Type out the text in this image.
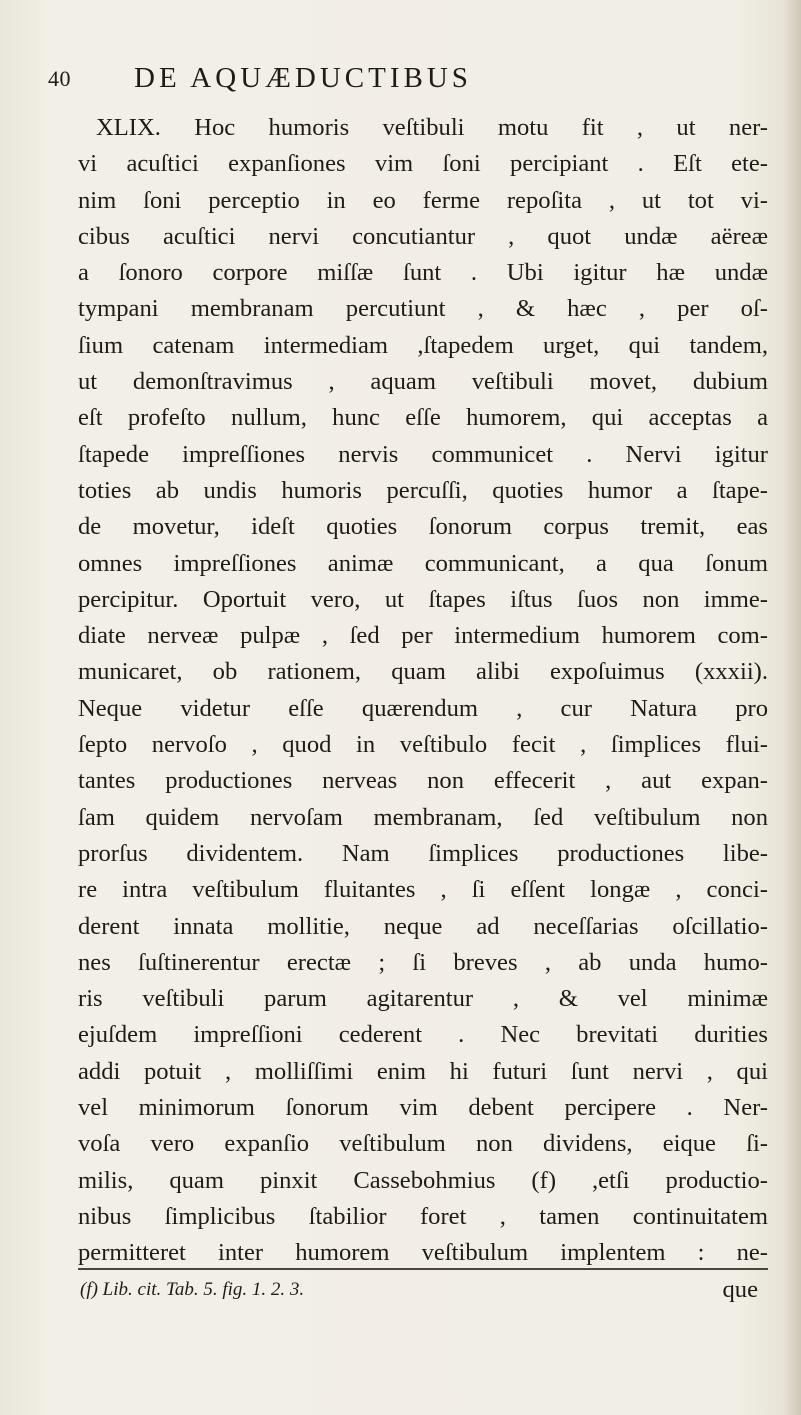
40 DE AQUÆDUCTIBUS
XLIX. Hoc humoris veſtibuli motu fit , ut ner-
vi acuſtici expanſiones vim ſoni percipiant . Eſt ete-
nim ſoni perceptio in eo ferme repoſita , ut tot vi-
cibus acuſtici nervi concutiantur , quot undæ aëreæ
a ſonoro corpore miſſæ ſunt . Ubi igitur hæ undæ
tympani membranam percutiunt , & hæc , per oſ-
ſium catenam intermediam ,ſtapedem urget, qui tandem,
ut demonſtravimus , aquam veſtibuli movet, dubium
eſt profeſto nullum, hunc eſſe humorem, qui acceptas a
ſtapede impreſſiones nervis communicet . Nervi igitur
toties ab undis humoris percuſſi, quoties humor a ſtape-
de movetur, ideſt quoties ſonorum corpus tremit, eas
omnes impreſſiones animæ communicant, a qua ſonum
percipitur. Oportuit vero, ut ſtapes iſtus ſuos non imme-
diate nerveæ pulpæ , ſed per intermedium humorem com-
municaret, ob rationem, quam alibi expoſuimus (xxxii).
Neque videtur eſſe quærendum , cur Natura pro
ſepto nervoſo , quod in veſtibulo fecit , ſimplices flui-
tantes productiones nerveas non effecerit , aut expan-
ſam quidem nervoſam membranam, ſed veſtibulum non
prorſus dividentem. Nam ſimplices productiones libe-
re intra veſtibulum fluitantes , ſi eſſent longæ , conci-
derent innata mollitie, neque ad neceſſarias oſcillatio-
nes ſuſtinerentur erectæ ; ſi breves , ab unda humo-
ris veſtibuli parum agitarentur , & vel minimæ
ejuſdem impreſſioni cederent . Nec brevitati durities
addi potuit , molliſſimi enim hi futuri ſunt nervi , qui
vel minimorum ſonorum vim debent percipere . Ner-
voſa vero expanſio veſtibulum non dividens, eique ſi-
milis, quam pinxit Cassebohmius (f) ,etſi productio-
nibus ſimplicibus ſtabilior foret , tamen continuitatem
permitteret inter humorem veſtibulum implentem : ne-
que
(f) Lib. cit. Tab. 5. fig. 1. 2. 3.
